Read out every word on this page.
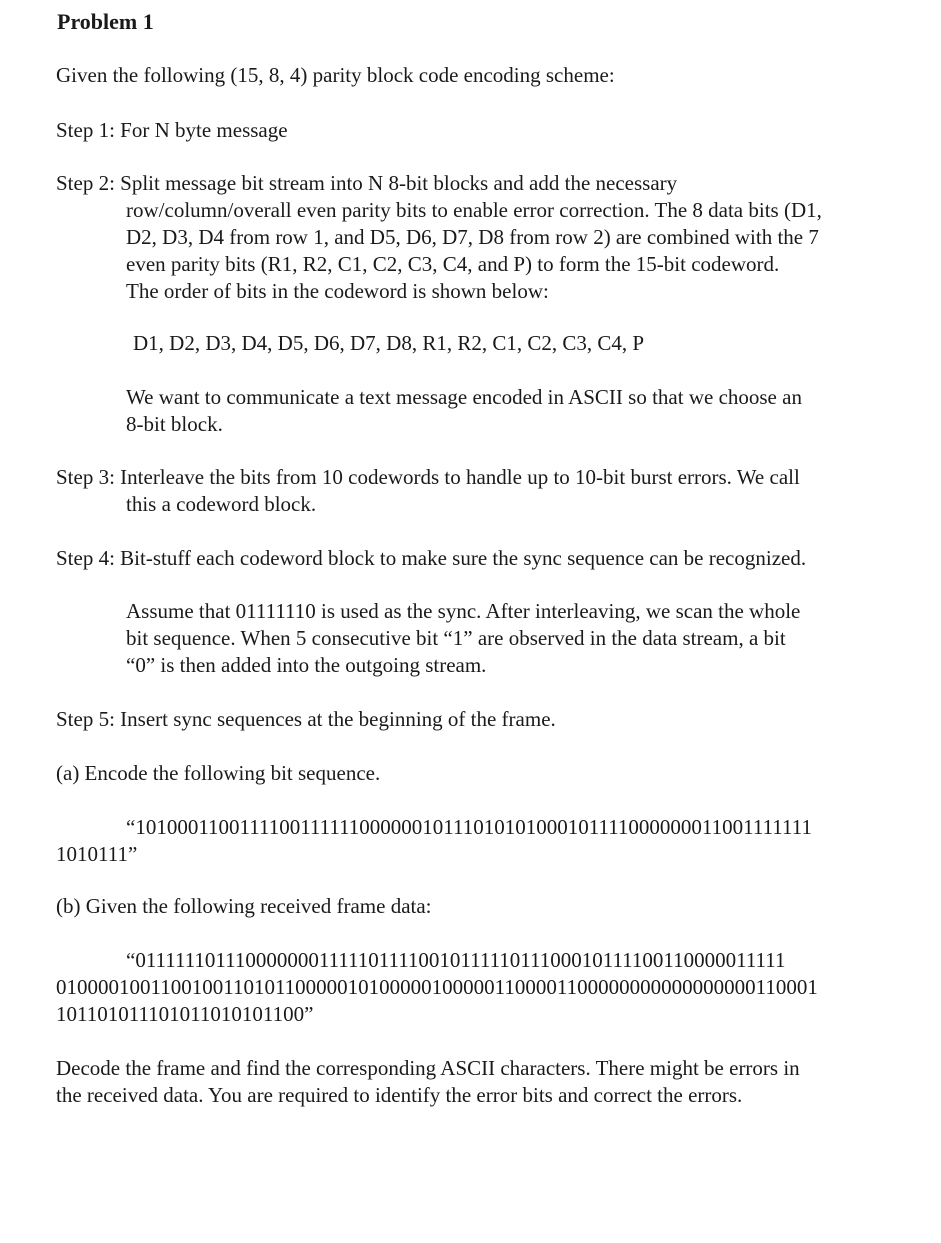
Problem 1
Given the following (15, 8, 4) parity block code encoding scheme:
Step 1: For N byte message
Step 2: Split message bit stream into N 8-bit blocks and add the necessary
row/column/overall even parity bits to enable error correction. The 8 data bits (D1,
D2, D3, D4 from row 1, and D5, D6, D7, D8 from row 2) are combined with the 7
even parity bits (R1, R2, C1, C2, C3, C4, and P) to form the 15-bit codeword.
The order of bits in the codeword is shown below:
D1, D2, D3, D4, D5, D6, D7, D8, R1, R2, C1, C2, C3, C4, P
We want to communicate a text message encoded in ASCII so that we choose an
8-bit block.
Step 3: Interleave the bits from 10 codewords to handle up to 10-bit burst errors. We call
this a codeword block.
Step 4: Bit-stuff each codeword block to make sure the sync sequence can be recognized.
Assume that 01111110 is used as the sync. After interleaving, we scan the whole
bit sequence. When 5 consecutive bit “1” are observed in the data stream, a bit
“0” is then added into the outgoing stream.
Step 5: Insert sync sequences at the beginning of the frame.
(a) Encode the following bit sequence.
“101000110011110011111100000010111010101000101111000000011001111111
1010111”
(b) Given the following received frame data:
“0111111011100000001111101111001011111011100010111100110000011111
0100001001100100110101100000101000001000001100001100000000000000000110001
101101011101011010101100”
Decode the frame and find the corresponding ASCII characters. There might be errors in
the received data. You are required to identify the error bits and correct the errors.
